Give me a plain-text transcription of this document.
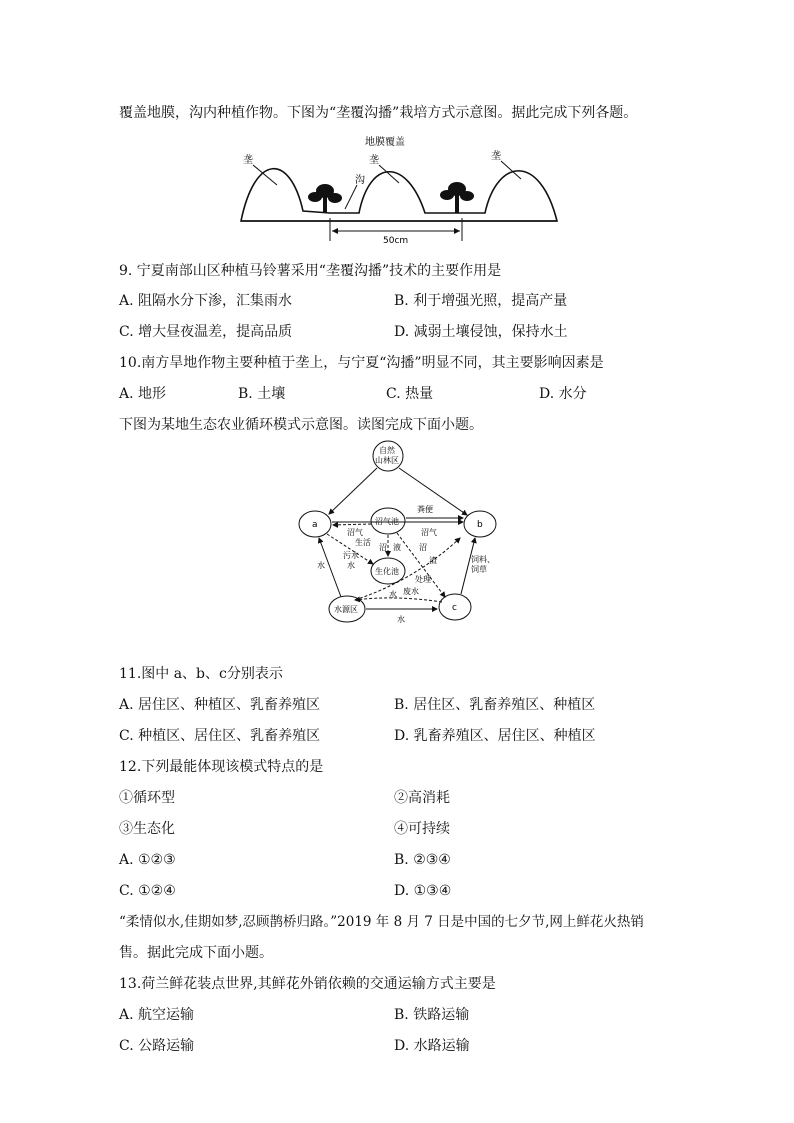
覆盖地膜，沟内种植作物。下图为“垄覆沟播”栽培方式示意图。据此完成下列各题。
地膜覆盖
垄	垄	垄
沟
50cm
9. 宁夏南部山区种植马铃薯采用“垄覆沟播”技术的主要作用是
A. 阻隔水分下渗，汇集雨水	B. 利于增强光照，提高产量
C. 增大昼夜温差，提高品质	D. 减弱土壤侵蚀，保持水土
10.南方旱地作物主要种植于垄上，与宁夏“沟播”明显不同，其主要影响因素是
A. 地形	B. 土壤	C. 热量	D. 水分
下图为某地生态农业循环模式示意图。读图完成下面小题。
自然
山林区
a	b
c
水源区
沼气池
生化池
粪便
沼气	沼气
生活
污水
水
沼 液 沼
渣
水
处理
废水
水
水
饲料、
饲草
11.图中 a、b、c分别表示
A. 居住区、种植区、乳畜养殖区	B. 居住区、乳畜养殖区、种植区
C. 种植区、居住区、乳畜养殖区	D. 乳畜养殖区、居住区、种植区
12.下列最能体现该模式特点的是
①循环型	②高消耗
③生态化	④可持续
A. ①②③	B. ②③④
C. ①②④	D. ①③④
“柔情似水,佳期如梦,忍顾鹊桥归路。”2019 年 8 月 7 日是中国的七夕节,网上鲜花火热销
售。据此完成下面小题。
13.荷兰鲜花装点世界,其鲜花外销依赖的交通运输方式主要是
A. 航空运输	B. 铁路运输
C. 公路运输	D. 水路运输
